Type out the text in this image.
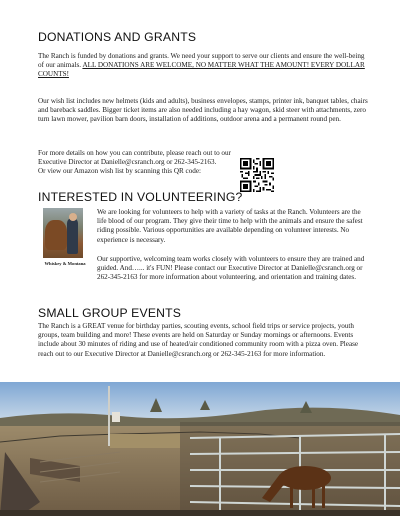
DONATIONS AND GRANTS

The Ranch is funded by donations and grants. We need your support to serve our clients and ensure the well-being of our animals. ALL DONATIONS ARE WELCOME, NO MATTER WHAT THE AMOUNT! EVERY DOLLAR COUNTS!

Our wish list includes new helmets (kids and adults), business envelopes, stamps, printer ink, banquet tables, chairs and bareback saddles. Bigger ticket items are also needed including a hay wagon, skid steer with attachments, zero turn lawn mower, pavilion barn doors, installation of additions, outdoor arena and a permanent round pen.

For more details on how you can contribute, please reach out to our Executive Director at Danielle@csranch.org or 262-345-2163.
Or view our Amazon wish list by scanning this QR code:

INTERESTED IN VOLUNTEERING?
Whiskey & Montana

We are looking for volunteers to help with a variety of tasks at the Ranch. Volunteers are the life blood of our program. They give their time to help with the animals and ensure the safest riding possible. Various opportunities are available depending on volunteer interests. No experience is necessary.

Our supportive, welcoming team works closely with volunteers to ensure they are trained and guided. And…... it's FUN! Please contact our Executive Director at Danielle@csranch.org or 262-345-2163 for more information about volunteering, and orientation and training dates.

SMALL GROUP EVENTS

The Ranch is a GREAT venue for birthday parties, scouting events, school field trips or service projects, youth groups, team building and more! These events are held on Saturday or Sunday mornings or afternoons. Events include about 30 minutes of riding and use of heated/air conditioned community room with a pizza oven. Please reach out to our Executive Director at Danielle@csranch.org or 262-345-2163 for more information.
